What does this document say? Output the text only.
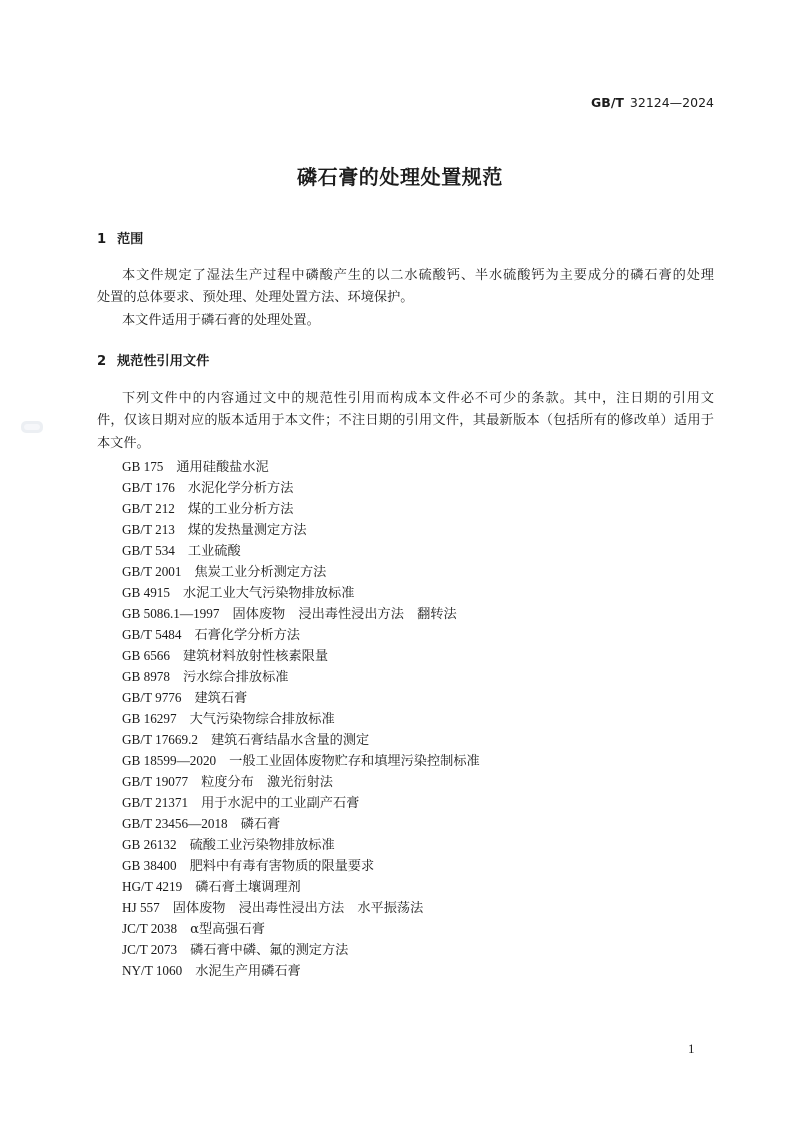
GB/T 32124—2024
磷石膏的处理处置规范
1 范围
本文件规定了湿法生产过程中磷酸产生的以二水硫酸钙、半水硫酸钙为主要成分的磷石膏的处理
处置的总体要求、预处理、处理处置方法、环境保护。
本文件适用于磷石膏的处理处置。
2 规范性引用文件
下列文件中的内容通过文中的规范性引用而构成本文件必不可少的条款。其中，注日期的引用文
件，仅该日期对应的版本适用于本文件；不注日期的引用文件，其最新版本（包括所有的修改单）适用于
本文件。
GB 175 通用硅酸盐水泥
GB/T 176 水泥化学分析方法
GB/T 212 煤的工业分析方法
GB/T 213 煤的发热量测定方法
GB/T 534 工业硫酸
GB/T 2001 焦炭工业分析测定方法
GB 4915 水泥工业大气污染物排放标准
GB 5086.1—1997 固体废物　浸出毒性浸出方法　翻转法
GB/T 5484 石膏化学分析方法
GB 6566 建筑材料放射性核素限量
GB 8978 污水综合排放标准
GB/T 9776 建筑石膏
GB 16297 大气污染物综合排放标准
GB/T 17669.2 建筑石膏结晶水含量的测定
GB 18599—2020 一般工业固体废物贮存和填埋污染控制标准
GB/T 19077 粒度分布　激光衍射法
GB/T 21371 用于水泥中的工业副产石膏
GB/T 23456—2018 磷石膏
GB 26132 硫酸工业污染物排放标准
GB 38400 肥料中有毒有害物质的限量要求
HG/T 4219 磷石膏土壤调理剂
HJ 557 固体废物　浸出毒性浸出方法　水平振荡法
JC/T 2038 α型高强石膏
JC/T 2073 磷石膏中磷、氟的测定方法
NY/T 1060 水泥生产用磷石膏
1
